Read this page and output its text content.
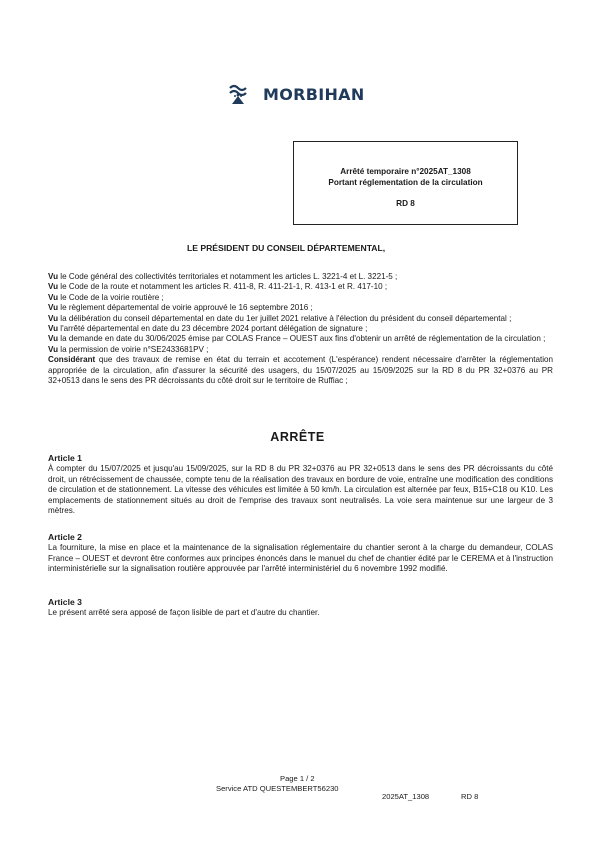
MORBIHAN
Arrêté temporaire n°2025AT_1308
Portant réglementation de la circulation
RD 8
LE PRÉSIDENT DU CONSEIL DÉPARTEMENTAL,

Vu le Code général des collectivités territoriales et notamment les articles L. 3221-4 et L. 3221-5 ;

Vu le Code de la route et notamment les articles R. 411-8, R. 411-21-1, R. 413-1 et R. 417-10 ;

Vu le Code de la voirie routière ;

Vu le règlement départemental de voirie approuvé le 16 septembre 2016 ;

Vu la délibération du conseil départemental en date du 1er juillet 2021 relative à l'élection du président du conseil départemental ;

Vu l'arrêté départemental en date du 23 décembre 2024 portant délégation de signature ;

Vu la demande en date du 30/06/2025 émise par COLAS France – OUEST aux fins d'obtenir un arrêté de réglementation de la circulation ;

Vu la permission de voirie n°SE2433681PV ;

Considérant que des travaux de remise en état du terrain et accotement (L'espérance) rendent nécessaire d'arrêter la réglementation appropriée de la circulation, afin d'assurer la sécurité des usagers, du 15/07/2025 au 15/09/2025 sur la RD 8 du PR 32+0376 au PR 32+0513 dans le sens des PR décroissants du côté droit sur le territoire de Ruffiac ;

ARRÊTE
Article 1

À compter du 15/07/2025 et jusqu'au 15/09/2025, sur la RD 8 du PR 32+0376 au PR 32+0513 dans le sens des PR décroissants du côté droit, un rétrécissement de chaussée, compte tenu de la réalisation des travaux en bordure de voie, entraîne une modification des conditions de circulation et de stationnement. La vitesse des véhicules est limitée à 50 km/h. La circulation est alternée par feux, B15+C18 ou K10. Les emplacements de stationnement situés au droit de l'emprise des travaux sont neutralisés. La voie sera maintenue sur une largeur de 3 mètres.

Article 2

La fourniture, la mise en place et la maintenance de la signalisation réglementaire du chantier seront à la charge du demandeur, COLAS France – OUEST et devront être conformes aux principes énoncés dans le manuel du chef de chantier édité par le CEREMA et à l'instruction interministérielle sur la signalisation routière approuvée par l'arrêté interministériel du 6 novembre 1992 modifié.

Article 3

Le présent arrêté sera apposé de façon lisible de part et d'autre du chantier.

Page 1 / 2
Service ATD QUESTEMBERT56230
2025AT_1308	RD 8
